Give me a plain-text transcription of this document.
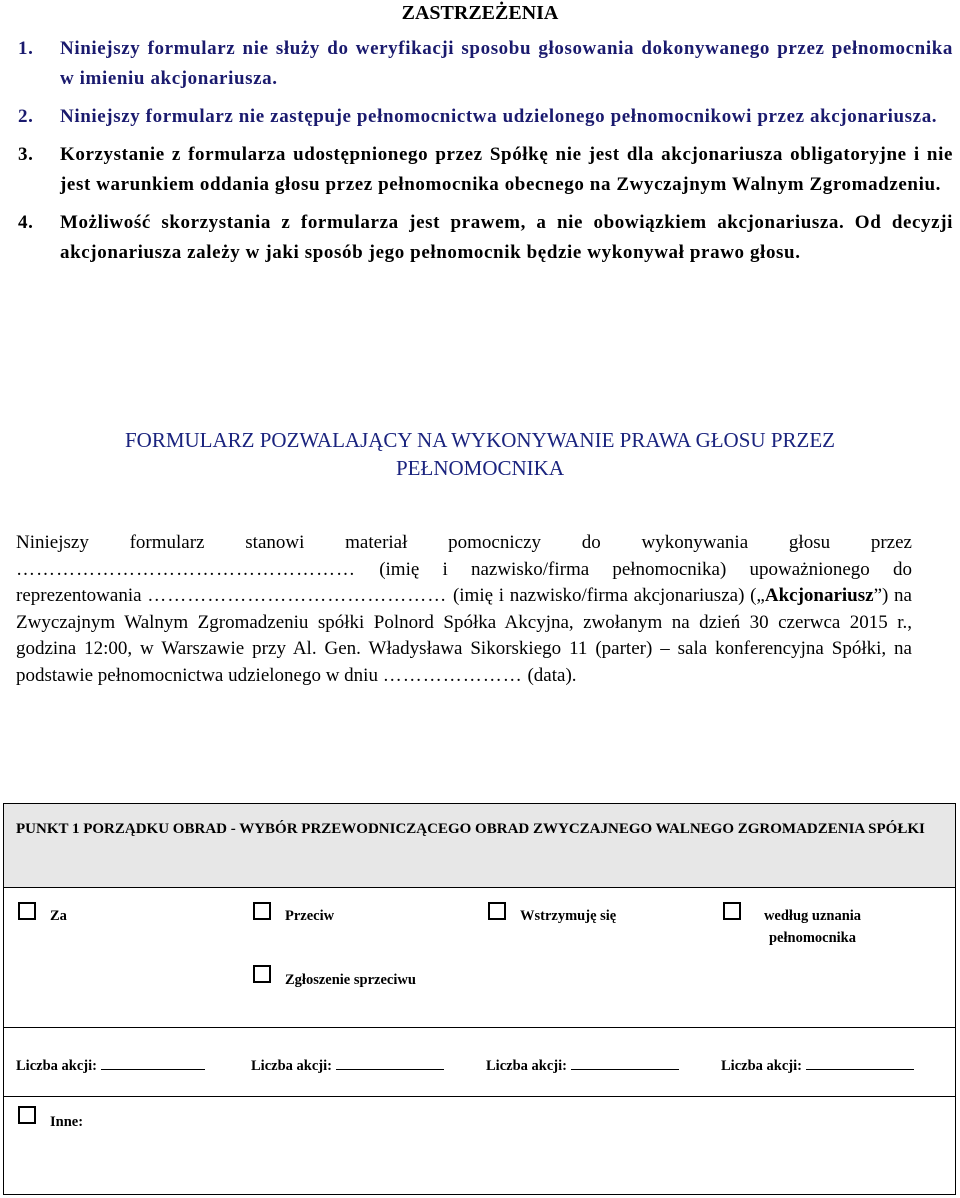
ZASTRZEŻENIA
1. Niniejszy formularz nie służy do weryfikacji sposobu głosowania dokonywanego przez pełnomocnika w imieniu akcjonariusza.
2. Niniejszy formularz nie zastępuje pełnomocnictwa udzielonego pełnomocnikowi przez akcjonariusza.
3. Korzystanie z formularza udostępnionego przez Spółkę nie jest dla akcjonariusza obligatoryjne i nie jest warunkiem oddania głosu przez pełnomocnika obecnego na Zwyczajnym Walnym Zgromadzeniu.
4. Możliwość skorzystania z formularza jest prawem, a nie obowiązkiem akcjonariusza. Od decyzji akcjonariusza zależy w jaki sposób jego pełnomocnik będzie wykonywał prawo głosu.
FORMULARZ POZWALAJĄCY NA WYKONYWANIE PRAWA GŁOSU PRZEZ
PEŁNOMOCNIKA
Niniejszy formularz stanowi materiał pomocniczy do wykonywania głosu przez …………………………………………… (imię i nazwisko/firma pełnomocnika) upoważnionego do reprezentowania ……………………………………… (imię i nazwisko/firma akcjonariusza) („Akcjonariusz”) na Zwyczajnym Walnym Zgromadzeniu spółki Polnord Spółka Akcyjna, zwołanym na dzień 30 czerwca 2015 r., godzina 12:00, w Warszawie przy Al. Gen. Władysława Sikorskiego 11 (parter) – sala konferencyjna Spółki, na podstawie pełnomocnictwa udzielonego w dniu ………………… (data).
PUNKT 1 PORZĄDKU OBRAD - WYBÓR PRZEWODNICZĄCEGO OBRAD ZWYCZAJNEGO WALNEGO ZGROMADZENIA SPÓŁKI
Za	Przeciw	Wstrzymuję się	według uznania pełnomocnika
Zgłoszenie sprzeciwu
Liczba akcji:	Liczba akcji:	Liczba akcji:	Liczba akcji:
Inne:
